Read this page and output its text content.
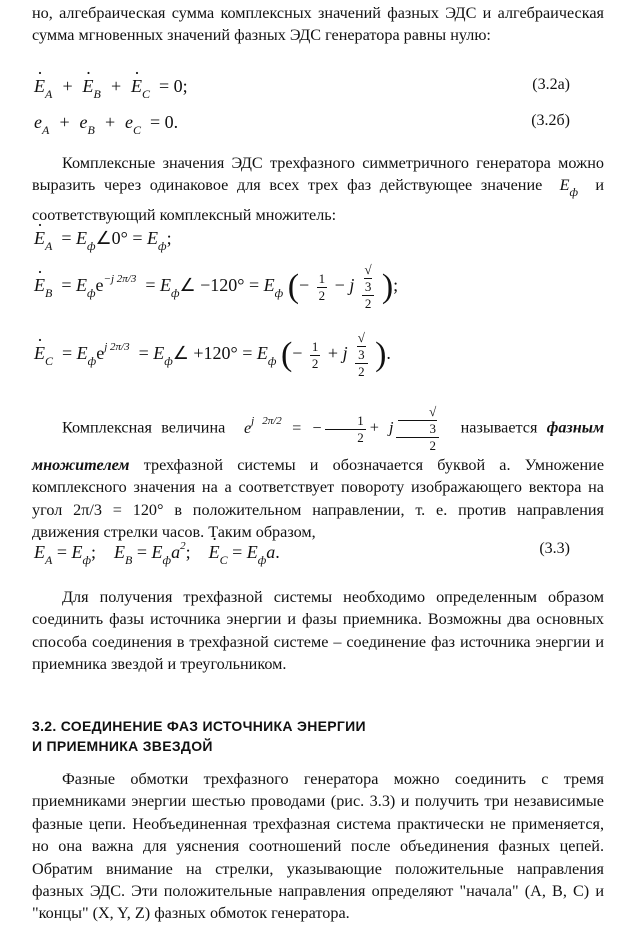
но, алгебраическая сумма комплексных значений фазных ЭДС и алгебраическая сумма мгновенных значений фазных ЭДС генератора равны нулю:

· $E_A$  +  · $E_B$  +  · $E_C = 0$;	(3.2а)
$e_A + e_B + e_C = 0$.	(3.2б)

Комплексные значения ЭДС трехфазного симметричного генератора можно выразить через одинаковое для всех трех фаз действующее значение  $E_ф$ и соответствующий комплексный множитель:

· $E_A$  = $E_ф\angle 0^\circ = E_ф$;
· $E_B = E_фe^{-j 2\pi/3}$  = $E_ф\angle -120^\circ = E_ф$ (− $\frac{1}{2} - j$ √
3
2 );
· $E_C = E_фe^{j 2\pi/3}$  = $E_ф\angle +120^\circ = E_ф$ (− $\frac{1}{2} + j$ √
3
2 ).
Комплексная величина  $e^{j 2\pi/2}$ = − $\frac{1}{2} + j$ √
3
2 называется фазным множителем трехфазной системы и обозначается буквой a. Умножение комплексного значения на a соответствует повороту изображающего вектора на угол 2π/3 = 120° в положительном направлении, т. е. против направления движения стрелки часов. Таким образом,
· $E_A = E_ф$;    · $E_B = E_фa^2$;    · $E_C = E_фa$.	(3.3)

Для получения трехфазной системы необходимо определенным образом соединить фазы источника энергии и фазы приемника. Возможны два основных способа соединения в трехфазной системе – соединение фаз источника энергии и приемника звездой и треугольником.

3.2. СОЕДИНЕНИЕ ФАЗ ИСТОЧНИКА ЭНЕРГИИ
И ПРИЕМНИКА ЗВЕЗДОЙ

Фазные обмотки трехфазного генератора можно соединить с тремя приемниками энергии шестью проводами (рис. 3.3) и получить три независимые фазные цепи. Необъединенная трехфазная система практически не применяется, но она важна для уяснения соотношений после объединения фазных цепей. Обратим внимание на стрелки, указывающие положительные направления фазных ЭДС. Эти положительные направления определяют "начала" (A, B, C) и "концы" (X, Y, Z) фазных обмоток генератора.
